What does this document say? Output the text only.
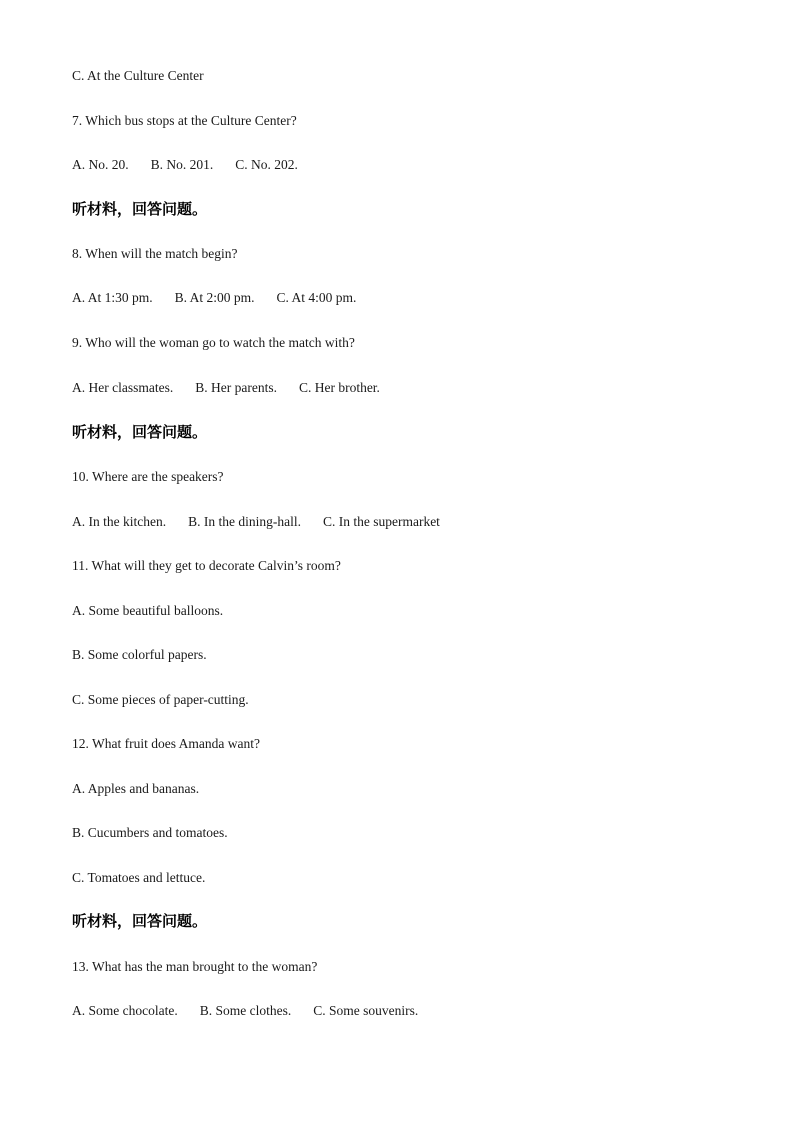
C. At the Culture Center
7. Which bus stops at the Culture Center?
A. No. 20. B. No. 201. C. No. 202.
听材料，回答问题。
8. When will the match begin?
A. At 1:30 pm. B. At 2:00 pm. C. At 4:00 pm.
9. Who will the woman go to watch the match with?
A. Her classmates. B. Her parents. C. Her brother.
听材料，回答问题。
10. Where are the speakers?
A. In the kitchen. B. In the dining-hall. C. In the supermarket
11. What will they get to decorate Calvin’s room?
A. Some beautiful balloons.
B. Some colorful papers.
C. Some pieces of paper-cutting.
12. What fruit does Amanda want?
A. Apples and bananas.
B. Cucumbers and tomatoes.
C. Tomatoes and lettuce.
听材料，回答问题。
13. What has the man brought to the woman?
A. Some chocolate. B. Some clothes. C. Some souvenirs.
